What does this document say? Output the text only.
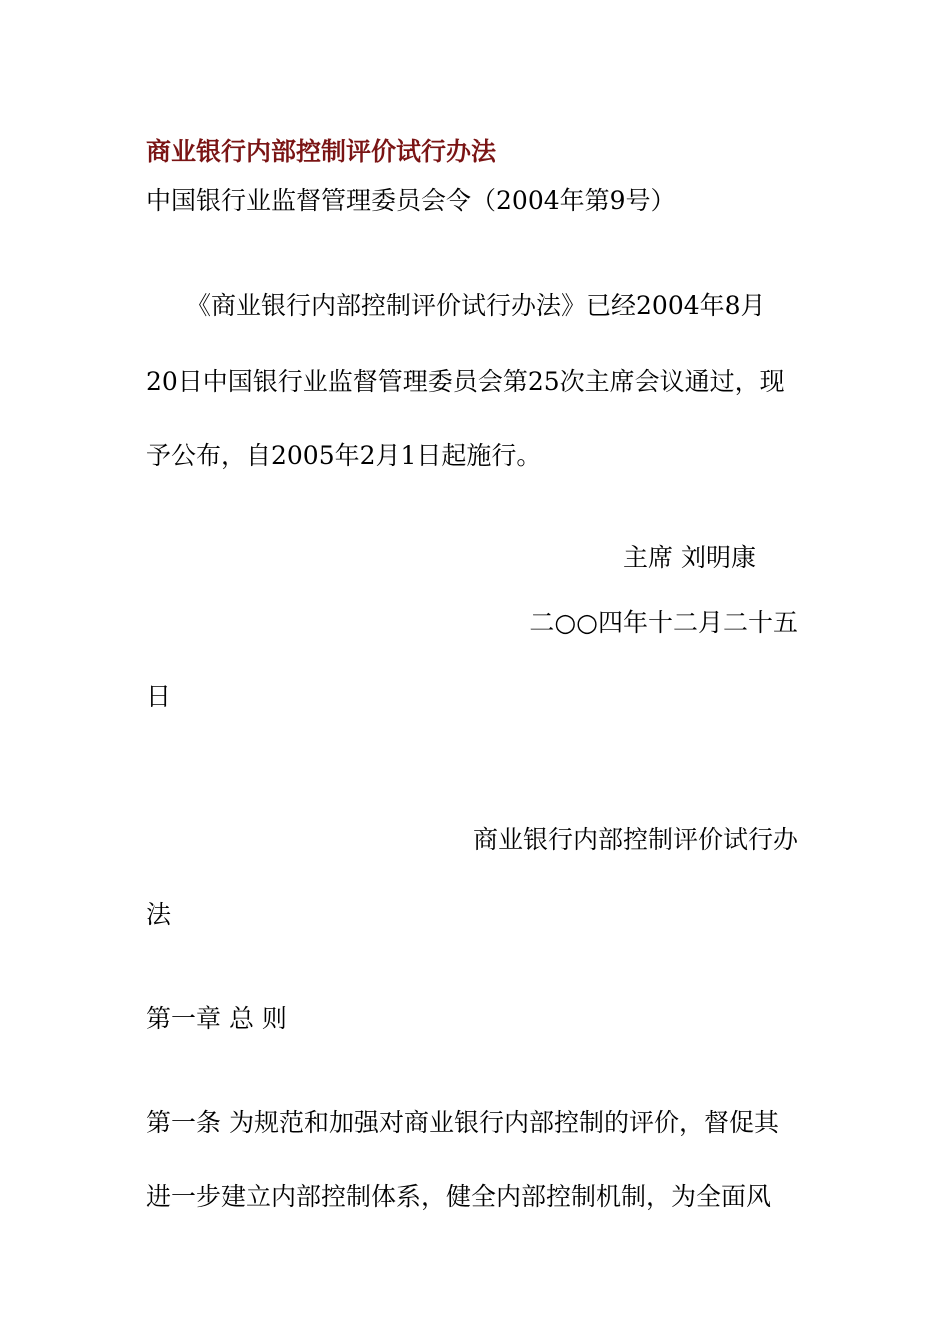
商业银行内部控制评价试行办法
中国银行业监督管理委员会令（2004年第9号）
《商业银行内部控制评价试行办法》已经2004年8月
20日中国银行业监督管理委员会第25次主席会议通过，现
予公布，自2005年2月1日起施行。
主席 刘明康
二○○四年十二月二十五
日
商业银行内部控制评价试行办
法
第一章 总 则
第一条 为规范和加强对商业银行内部控制的评价，督促其
进一步建立内部控制体系，健全内部控制机制，为全面风
